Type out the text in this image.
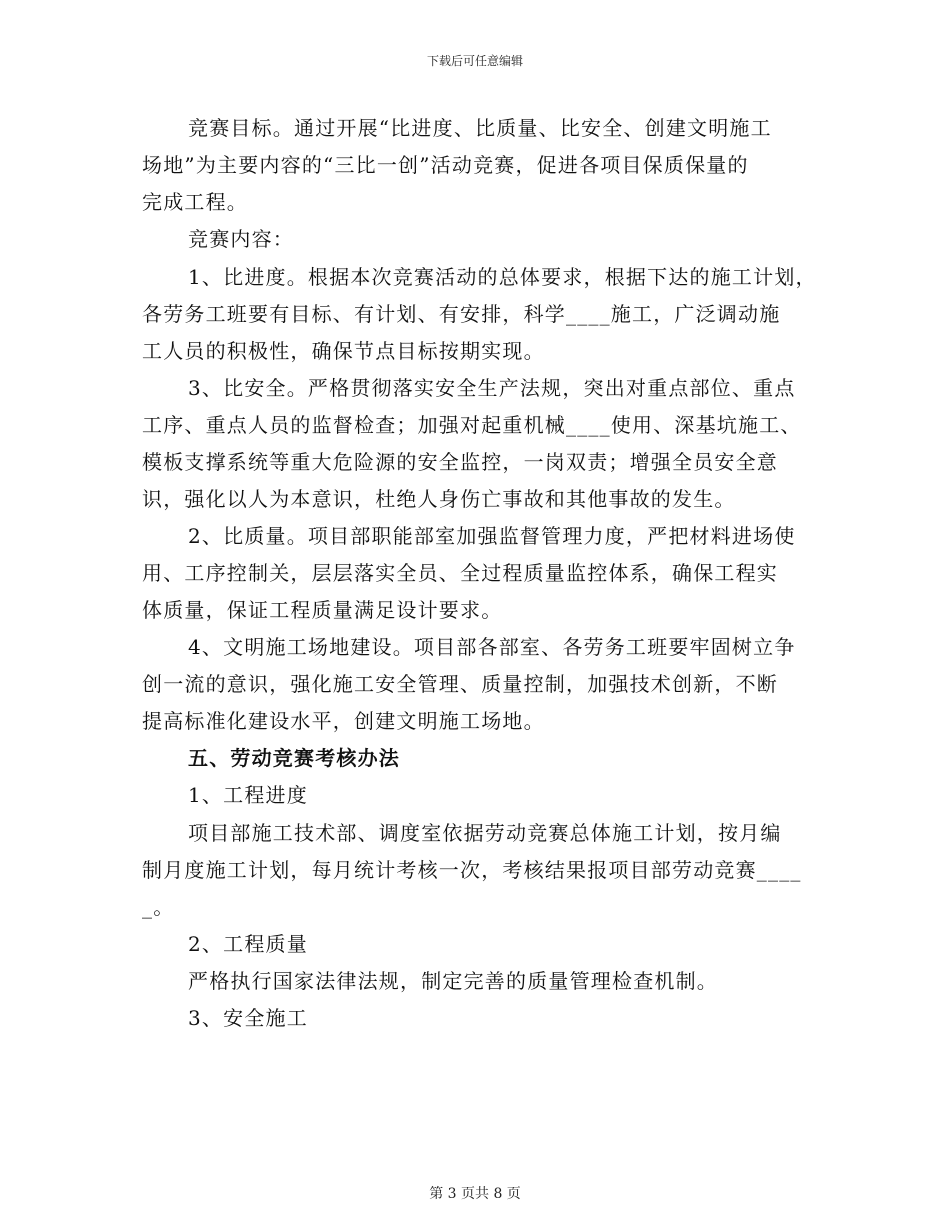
下载后可任意编辑
竞赛目标。通过开展“比进度、比质量、比安全、创建文明施工
场地”为主要内容的“三比一创”活动竞赛，促进各项目保质保量的
完成工程。
竞赛内容：
1、比进度。根据本次竞赛活动的总体要求，根据下达的施工计划，
各劳务工班要有目标、有计划、有安排，科学____施工，广泛调动施
工人员的积极性，确保节点目标按期实现。
3、比安全。严格贯彻落实安全生产法规，突出对重点部位、重点
工序、重点人员的监督检查；加强对起重机械____使用、深基坑施工、
模板支撑系统等重大危险源的安全监控，一岗双责；增强全员安全意
识，强化以人为本意识，杜绝人身伤亡事故和其他事故的发生。
2、比质量。项目部职能部室加强监督管理力度，严把材料进场使
用、工序控制关，层层落实全员、全过程质量监控体系，确保工程实
体质量，保证工程质量满足设计要求。
4、文明施工场地建设。项目部各部室、各劳务工班要牢固树立争
创一流的意识，强化施工安全管理、质量控制，加强技术创新，不断
提高标准化建设水平，创建文明施工场地。
五、劳动竞赛考核办法
1、工程进度
项目部施工技术部、调度室依据劳动竞赛总体施工计划，按月编
制月度施工计划，每月统计考核一次，考核结果报项目部劳动竞赛____
_。
2、工程质量
严格执行国家法律法规，制定完善的质量管理检查机制。
3、安全施工
第 3 页共 8 页
